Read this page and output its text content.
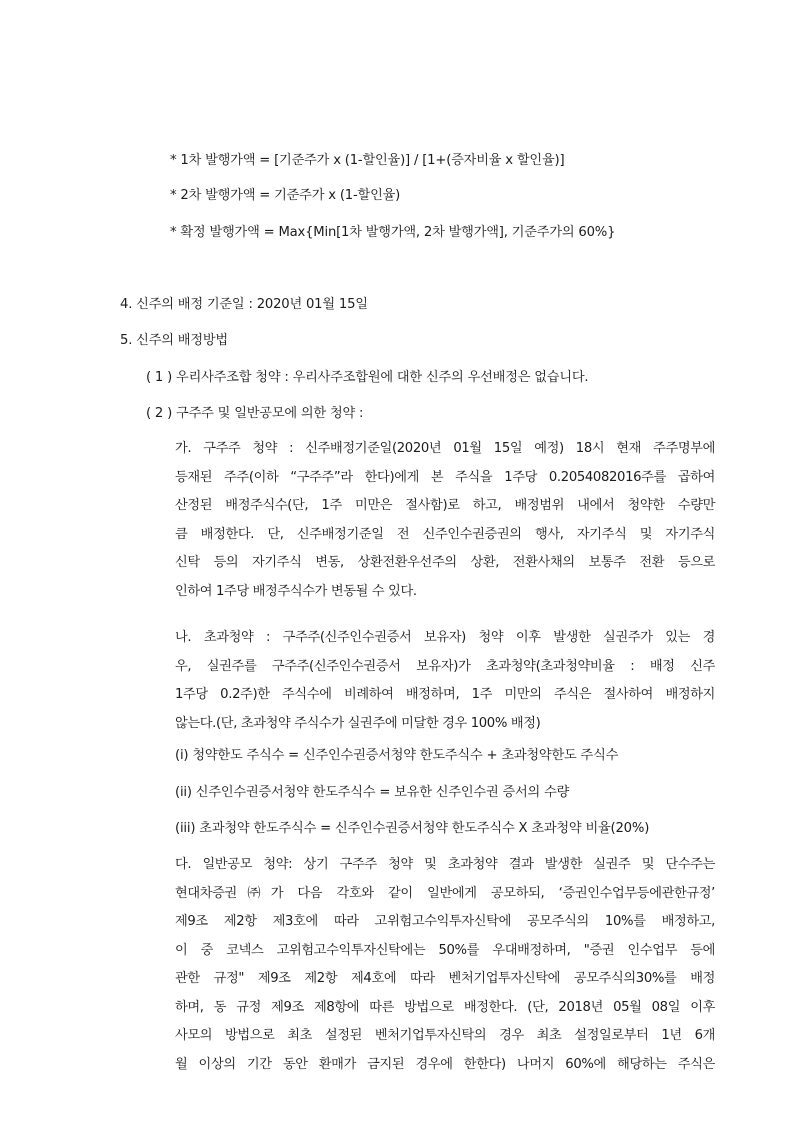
* 1차 발행가액 = [기준주가 x (1-할인율)] / [1+(증자비율 x 할인율)]
* 2차 발행가액 = 기준주가 x (1-할인율)
* 확정 발행가액 = Max{Min[1차 발행가액, 2차 발행가액], 기준주가의 60%}
4. 신주의 배정 기준일 : 2020년 01월 15일
5. 신주의 배정방법
( 1 ) 우리사주조합 청약 : 우리사주조합원에 대한 신주의 우선배정은 없습니다.
( 2 ) 구주주 및 일반공모에 의한 청약 :
가. 구주주 청약 : 신주배정기준일(2020년 01월 15일 예정) 18시 현재 주주명부에
등재된 주주(이하 “구주주”라 한다)에게 본 주식을 1주당 0.2054082016주를 곱하여
산정된 배정주식수(단, 1주 미만은 절사함)로 하고, 배정범위 내에서 청약한 수량만
큼 배정한다. 단, 신주배정기준일 전 신주인수권증권의 행사, 자기주식 및 자기주식
신탁 등의 자기주식 변동, 상환전환우선주의 상환, 전환사채의 보통주 전환 등으로
인하여 1주당 배정주식수가 변동될 수 있다.
나. 초과청약 : 구주주(신주인수권증서 보유자) 청약 이후 발생한 실권주가 있는 경
우, 실권주를 구주주(신주인수권증서 보유자)가 초과청약(초과청약비율 : 배정 신주
1주당 0.2주)한 주식수에 비례하여 배정하며, 1주 미만의 주식은 절사하여 배정하지
않는다.(단, 초과청약 주식수가 실권주에 미달한 경우 100% 배정)
(i) 청약한도 주식수 = 신주인수권증서청약 한도주식수 + 초과청약한도 주식수
(ii) 신주인수권증서청약 한도주식수 = 보유한 신주인수권 증서의 수량
(iii) 초과청약 한도주식수 = 신주인수권증서청약 한도주식수 X 초과청약 비율(20%)
다. 일반공모 청약: 상기 구주주 청약 및 초과청약 결과 발생한 실권주 및 단수주는
현대차증권㈜가 다음 각호와 같이 일반에게 공모하되, ‘증권인수업무등에관한규정’
제9조 제2항 제3호에 따라 고위험고수익투자신탁에 공모주식의 10%를 배정하고,
이 중 코넥스 고위험고수익투자신탁에는 50%를 우대배정하며, "증권 인수업무 등에
관한 규정" 제9조 제2항 제4호에 따라 벤처기업투자신탁에 공모주식의30%를 배정
하며, 동 규정 제9조 제8항에 따른 방법으로 배정한다. (단, 2018년 05월 08일 이후
사모의 방법으로 최초 설정된 벤처기업투자신탁의 경우 최초 설정일로부터 1년 6개
월 이상의 기간 동안 환매가 금지된 경우에 한한다) 나머지 60%에 해당하는 주식은
